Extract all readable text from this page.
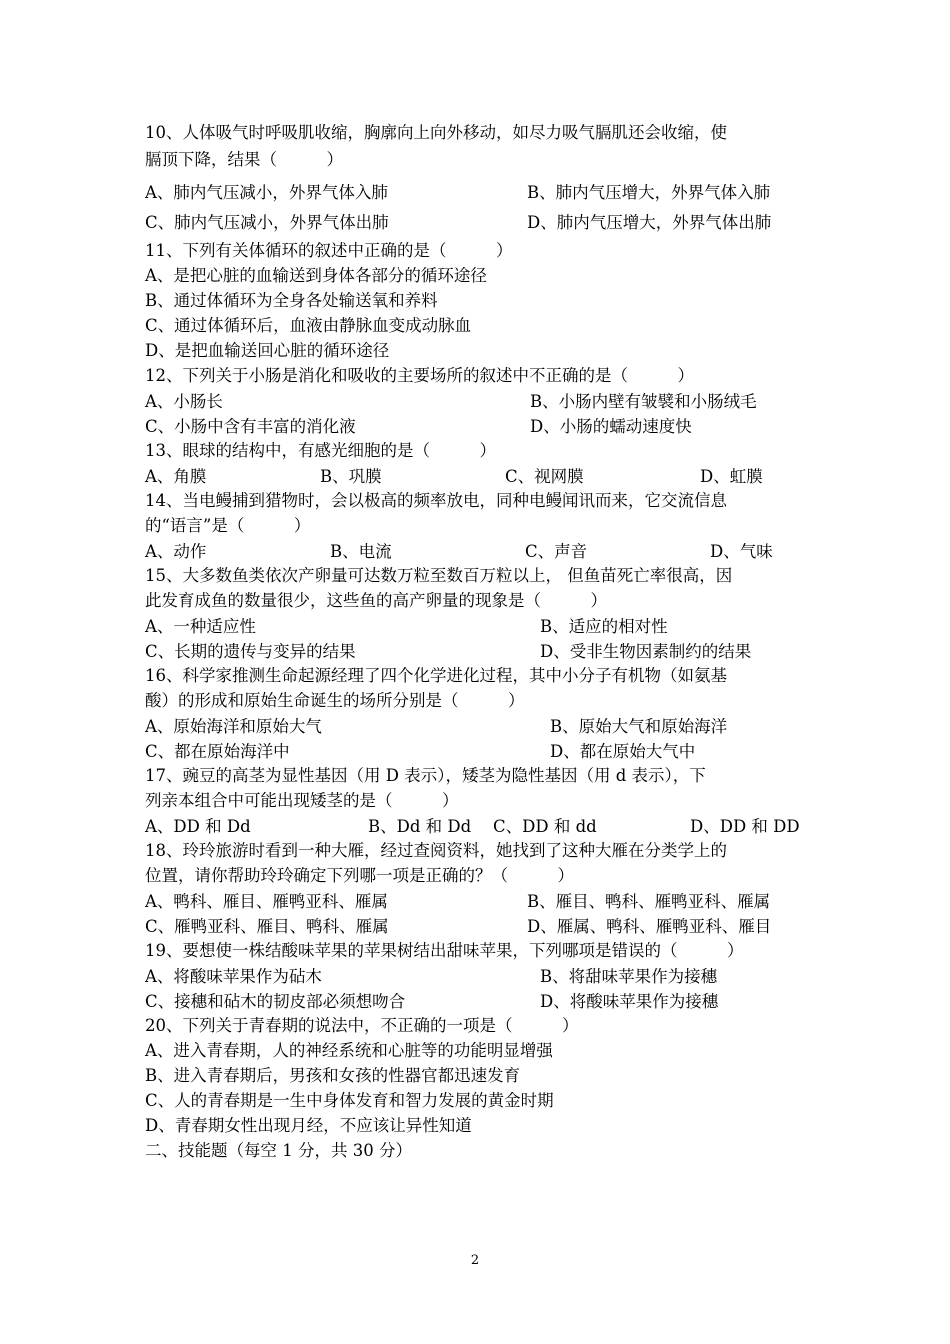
10、人体吸气时呼吸肌收缩，胸廓向上向外移动，如尽力吸气膈肌还会收缩，使
膈顶下降，结果（　　　）
A、肺内气压减小，外界气体入肺	B、肺内气压增大，外界气体入肺
C、肺内气压减小，外界气体出肺	D、肺内气压增大，外界气体出肺
11、下列有关体循环的叙述中正确的是（　　　）
A、是把心脏的血输送到身体各部分的循环途径
B、通过体循环为全身各处输送氧和养料
C、通过体循环后，血液由静脉血变成动脉血
D、是把血输送回心脏的循环途径
12、下列关于小肠是消化和吸收的主要场所的叙述中不正确的是（　　　）
A、小肠长	B、小肠内壁有皱襞和小肠绒毛
C、小肠中含有丰富的消化液	D、小肠的蠕动速度快
13、眼球的结构中，有感光细胞的是（　　　）
A、角膜	B、巩膜	C、视网膜	D、虹膜
14、当电鳗捕到猎物时，会以极高的频率放电，同种电鳗闻讯而来，它交流信息
的“语言”是（　　　）
A、动作	B、电流	C、声音	D、气味
15、大多数鱼类依次产卵量可达数万粒至数百万粒以上， 但鱼苗死亡率很高，因
此发育成鱼的数量很少，这些鱼的高产卵量的现象是（　　　）
A、一种适应性	B、适应的相对性
C、长期的遗传与变异的结果	D、受非生物因素制约的结果
16、科学家推测生命起源经理了四个化学进化过程，其中小分子有机物（如氨基
酸）的形成和原始生命诞生的场所分别是（　　　）
A、原始海洋和原始大气	B、原始大气和原始海洋
C、都在原始海洋中	D、都在原始大气中
17、豌豆的高茎为显性基因（用 D 表示），矮茎为隐性基因（用 d 表示），下
列亲本组合中可能出现矮茎的是（　　　）
A、DD 和 Dd	B、Dd 和 Dd C、DD 和 dd	D、DD 和 DD
18、玲玲旅游时看到一种大雁，经过查阅资料，她找到了这种大雁在分类学上的
位置，请你帮助玲玲确定下列哪一项是正确的？（　　　）
A、鸭科、雁目、雁鸭亚科、雁属	B、雁目、鸭科、雁鸭亚科、雁属
C、雁鸭亚科、雁目、鸭科、雁属	D、雁属、鸭科、雁鸭亚科、雁目
19、要想使一株结酸味苹果的苹果树结出甜味苹果，下列哪项是错误的（　　　）
A、将酸味苹果作为砧木	B、将甜味苹果作为接穗
C、接穗和砧木的韧皮部必须想吻合	D、将酸味苹果作为接穗
20、下列关于青春期的说法中，不正确的一项是（　　　）
A、进入青春期，人的神经系统和心脏等的功能明显增强
B、进入青春期后，男孩和女孩的性器官都迅速发育
C、人的青春期是一生中身体发育和智力发展的黄金时期
D、青春期女性出现月经，不应该让异性知道
二、技能题（每空 1 分，共 30 分）
2
